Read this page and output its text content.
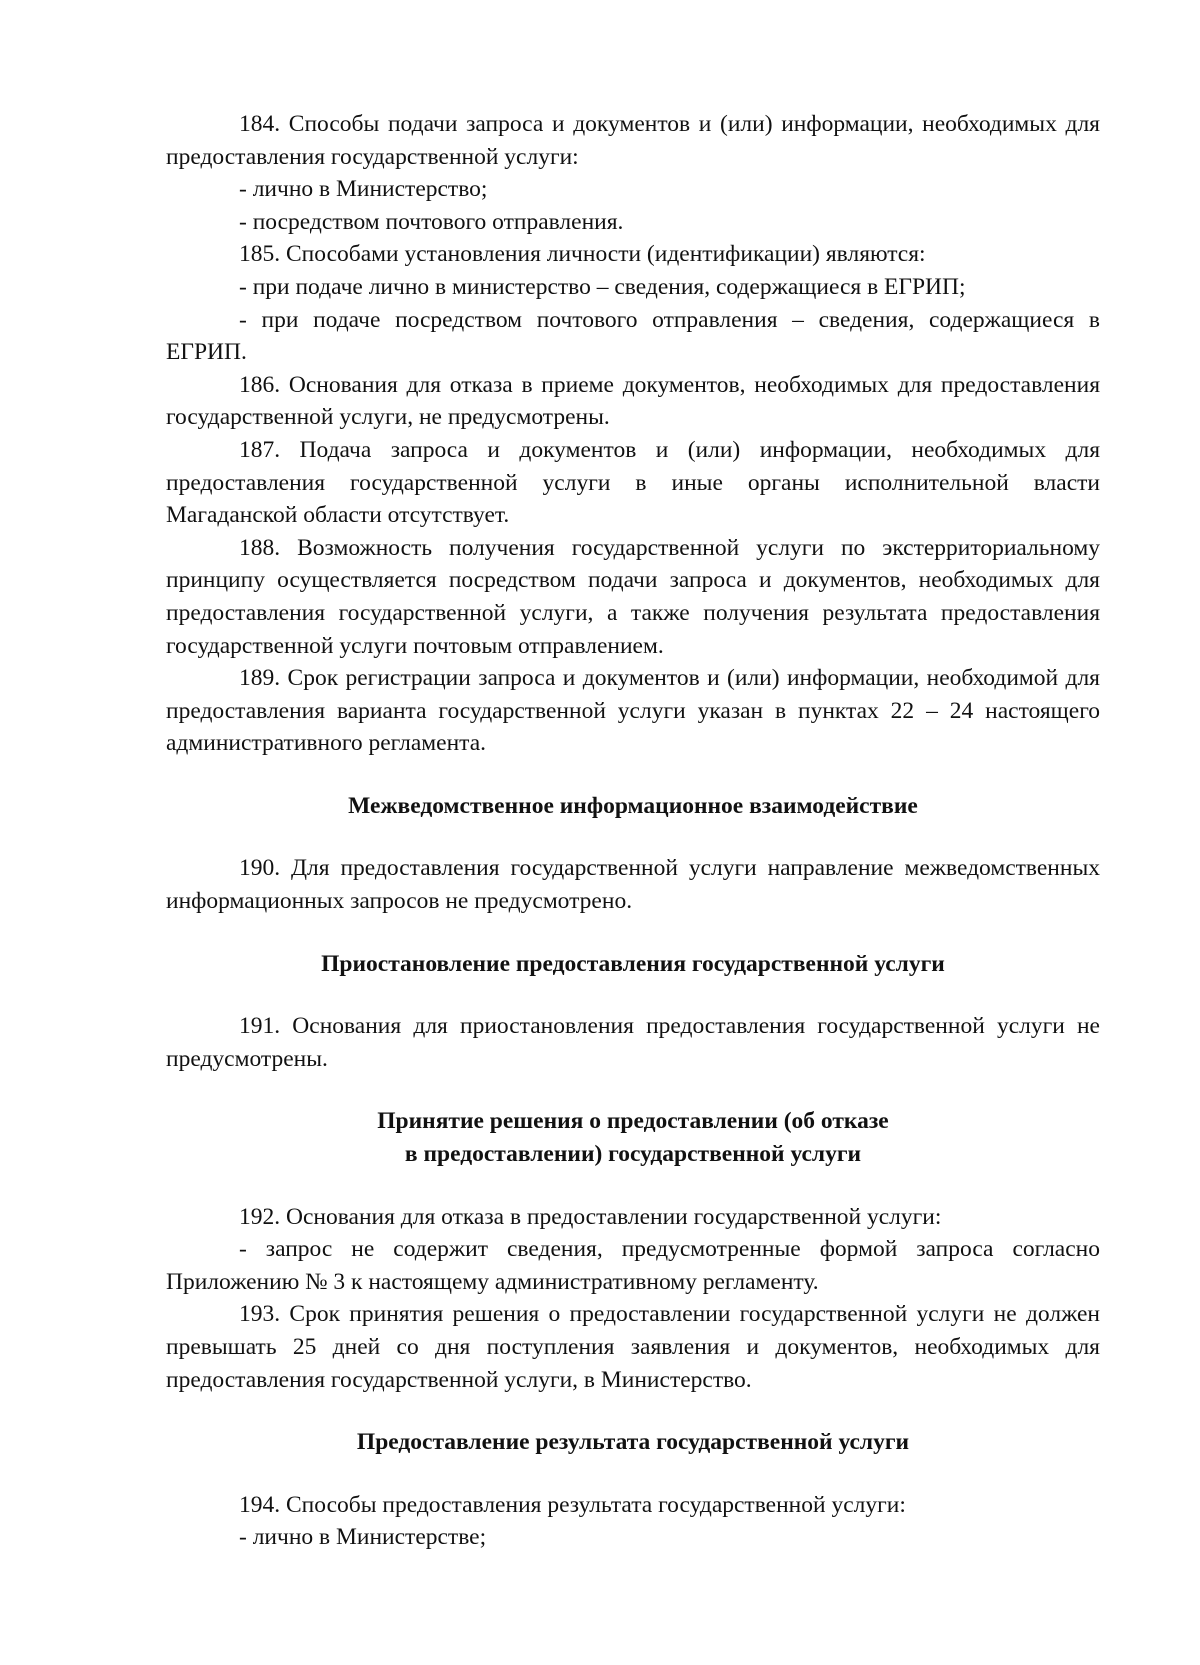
184. Способы подачи запроса и документов и (или) информации, необходимых для предоставления государственной услуги:

- лично в Министерство;

- посредством почтового отправления.

185. Способами установления личности (идентификации) являются:

- при подаче лично в министерство – сведения, содержащиеся в ЕГРИП;

- при подаче посредством почтового отправления – сведения, содержащиеся в ЕГРИП.

186. Основания для отказа в приеме документов, необходимых для предоставления государственной услуги, не предусмотрены.

187. Подача запроса и документов и (или) информации, необходимых для предоставления государственной услуги в иные органы исполнительной власти Магаданской области отсутствует.

188. Возможность получения государственной услуги по экстерриториальному принципу осуществляется посредством подачи запроса и документов, необходимых для предоставления государственной услуги, а также получения результата предоставления государственной услуги почтовым отправлением.

189. Срок регистрации запроса и документов и (или) информации, необходимой для предоставления варианта государственной услуги указан в пунктах 22 – 24 настоящего административного регламента.

Межведомственное информационное взаимодействие

190. Для предоставления государственной услуги направление межведомственных информационных запросов не предусмотрено.

Приостановление предоставления государственной услуги

191. Основания для приостановления предоставления государственной услуги не предусмотрены.

Принятие решения о предоставлении (об отказе
в предоставлении) государственной услуги

192. Основания для отказа в предоставлении государственной услуги:

- запрос не содержит сведения, предусмотренные формой запроса согласно Приложению № 3 к настоящему административному регламенту.

193. Срок принятия решения о предоставлении государственной услуги не должен превышать 25 дней со дня поступления заявления и документов, необходимых для предоставления государственной услуги, в Министерство.

Предоставление результата государственной услуги

194. Способы предоставления результата государственной услуги:

- лично в Министерстве;
